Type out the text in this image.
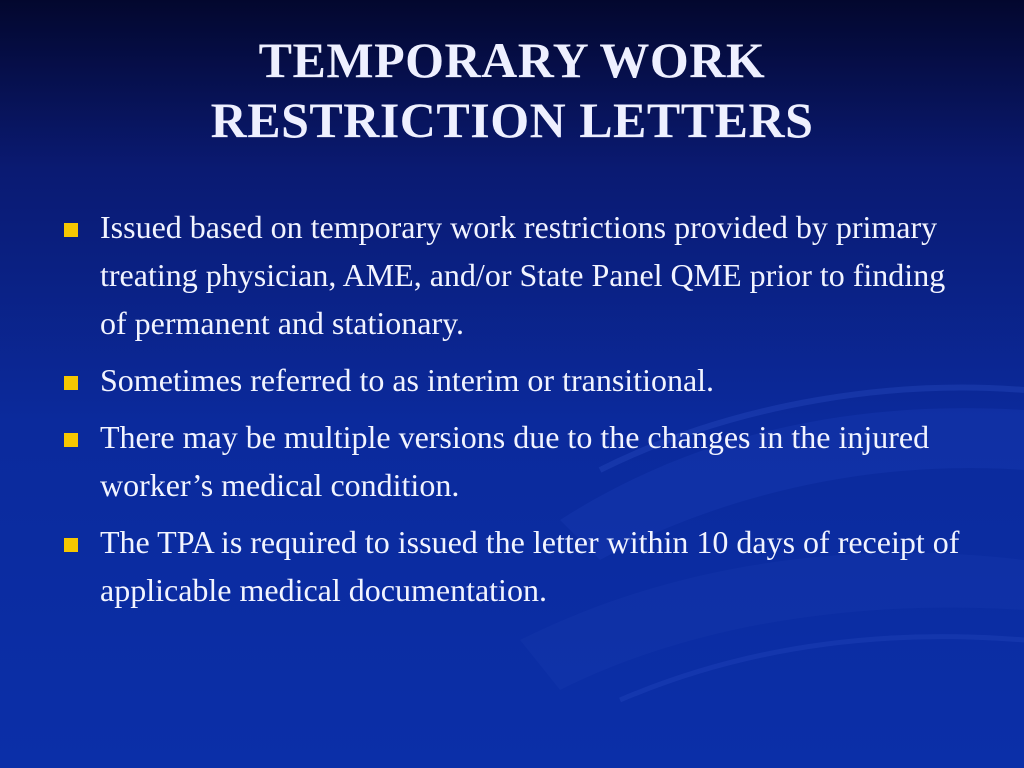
TEMPORARY WORK
RESTRICTION LETTERS
Issued based on temporary work restrictions provided by primary treating physician, AME, and/or State Panel QME prior to finding of permanent and stationary.
Sometimes referred to as interim or transitional.
There may be multiple versions due to the changes in the injured worker’s medical condition.
The TPA is required to issued the letter within 10 days of receipt of applicable medical documentation.
